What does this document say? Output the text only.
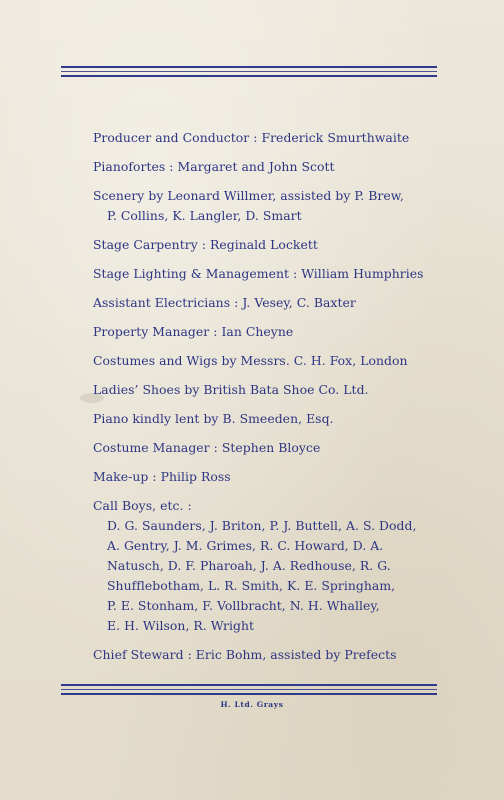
Producer and Conductor : Frederick Smurthwaite
Pianofortes : Margaret and John Scott
Scenery by Leonard Willmer, assisted by P. Brew,
P. Collins, K. Langler, D. Smart
Stage Carpentry : Reginald Lockett
Stage Lighting & Management : William Humphries
Assistant Electricians : J. Vesey, C. Baxter
Property Manager : Ian Cheyne
Costumes and Wigs by Messrs. C. H. Fox, London
Ladies’ Shoes by British Bata Shoe Co. Ltd.
Piano kindly lent by B. Smeeden, Esq.
Costume Manager : Stephen Bloyce
Make-up : Philip Ross
Call Boys, etc. :
D. G. Saunders, J. Briton, P. J. Buttell, A. S. Dodd,
A. Gentry, J. M. Grimes, R. C. Howard, D. A.
Natusch, D. F. Pharoah, J. A. Redhouse, R. G.
Shufflebotham, L. R. Smith, K. E. Springham,
P. E. Stonham, F. Vollbracht, N. H. Whalley,
E. H. Wilson, R. Wright
Chief Steward : Eric Bohm, assisted by Prefects
H. Ltd. Grays
